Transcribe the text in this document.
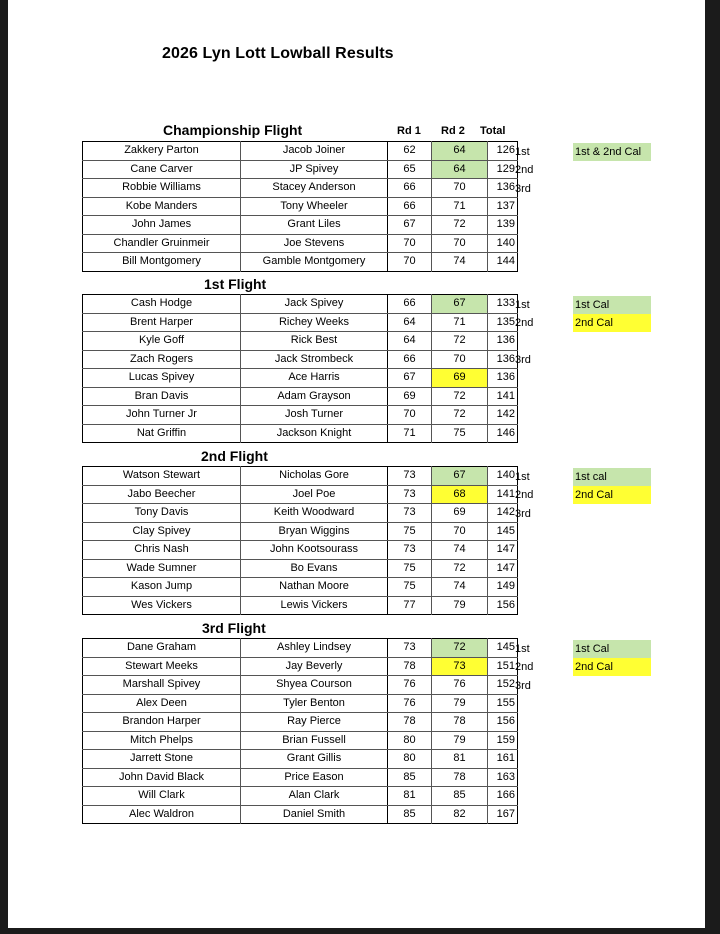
2026 Lyn Lott Lowball Results
Rd 1 Rd 2 Total
Championship Flight
1st	1st & 2nd Cal
2nd
3rd
Zakkery Parton	Jacob Joiner	62	64	126
Cane Carver	JP Spivey	65	64	129
Robbie Williams	Stacey Anderson	66	70	136
Kobe Manders	Tony Wheeler	66	71	137
John James	Grant Liles	67	72	139
Chandler Gruinmeir	Joe Stevens	70	70	140
Bill Montgomery	Gamble Montgomery	70	74	144
1st Flight
1st	1st Cal
2nd	2nd Cal
3rd
Cash Hodge	Jack Spivey	66	67	133
Brent Harper	Richey Weeks	64	71	135
Kyle Goff	Rick Best	64	72	136
Zach Rogers	Jack Strombeck	66	70	136
Lucas Spivey	Ace Harris	67	69	136
Bran Davis	Adam Grayson	69	72	141
John Turner Jr	Josh Turner	70	72	142
Nat Griffin	Jackson Knight	71	75	146
2nd Flight
1st	1st cal
2nd	2nd Cal
3rd
Watson Stewart	Nicholas Gore	73	67	140
Jabo Beecher	Joel Poe	73	68	141
Tony Davis	Keith Woodward	73	69	142
Clay Spivey	Bryan Wiggins	75	70	145
Chris Nash	John Kootsourass	73	74	147
Wade Sumner	Bo Evans	75	72	147
Kason Jump	Nathan Moore	75	74	149
Wes Vickers	Lewis Vickers	77	79	156
3rd Flight
1st	1st Cal
2nd	2nd Cal
3rd
Dane Graham	Ashley Lindsey	73	72	145
Stewart Meeks	Jay Beverly	78	73	151
Marshall Spivey	Shyea Courson	76	76	152
Alex Deen	Tyler Benton	76	79	155
Brandon Harper	Ray Pierce	78	78	156
Mitch Phelps	Brian Fussell	80	79	159
Jarrett Stone	Grant Gillis	80	81	161
John David Black	Price Eason	85	78	163
Will Clark	Alan Clark	81	85	166
Alec Waldron	Daniel Smith	85	82	167
